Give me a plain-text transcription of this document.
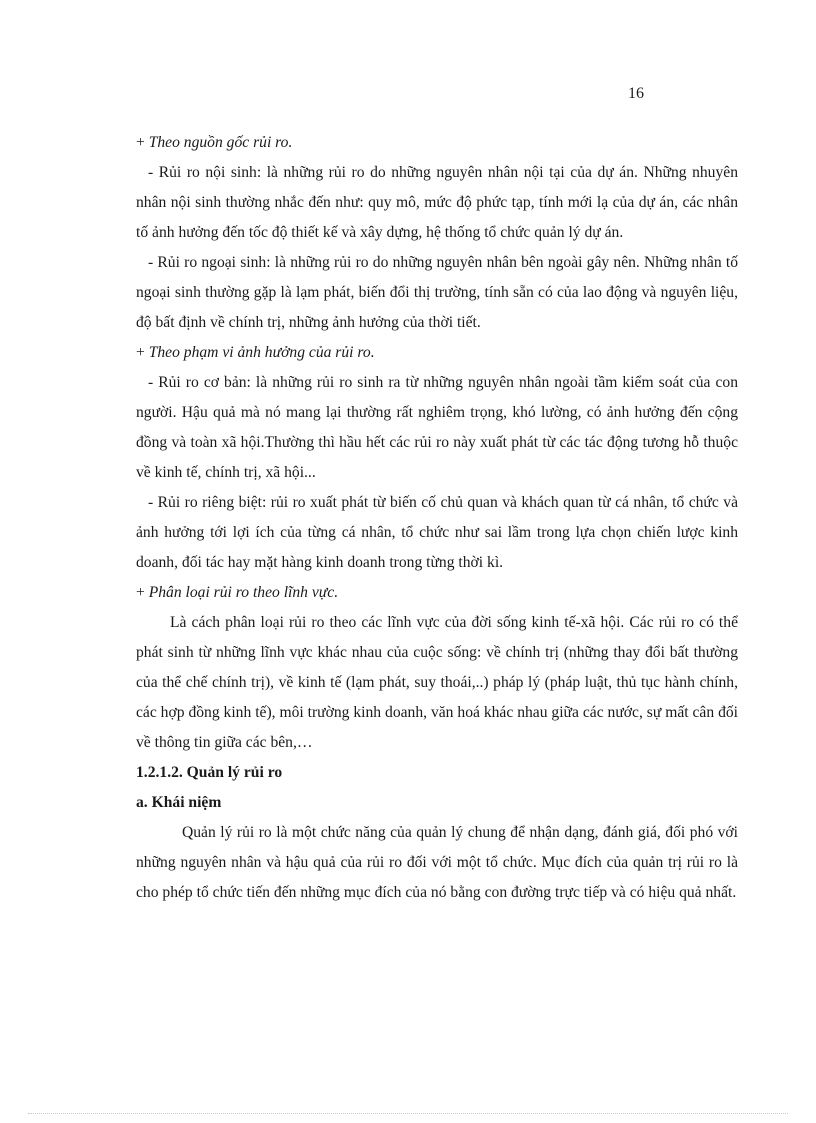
16

+ Theo nguồn gốc rủi ro.

- Rủi ro nội sinh: là những rủi ro do những nguyên nhân nội tại của dự án. Những nhuyên nhân nội sinh thường nhắc đến như: quy mô, mức độ phức tạp, tính mới lạ của dự án, các nhân tố ảnh hưởng đến tốc độ thiết kế và xây dựng, hệ thống tổ chức quản lý dự án.

- Rủi ro ngoại sinh: là những rủi ro do những nguyên nhân bên ngoài gây nên. Những nhân tố ngoại sinh thường gặp là lạm phát, biến đổi thị trường, tính sẵn có của lao động và nguyên liệu, độ bất định về chính trị, những ảnh hưởng của thời tiết.

+ Theo phạm vi ảnh hưởng của rủi ro.

- Rủi ro cơ bản: là những rủi ro sinh ra từ những nguyên nhân ngoài tầm kiểm soát của con người. Hậu quả mà nó mang lại thường rất nghiêm trọng, khó lường, có ảnh hưởng đến cộng đồng và toàn xã hội.Thường thì hầu hết các rủi ro này xuất phát từ các tác động tương hỗ thuộc về kinh tế, chính trị, xã hội...

- Rủi ro riêng biệt: rủi ro xuất phát từ biến cố chủ quan và khách quan từ cá nhân, tổ chức và ảnh hưởng tới lợi ích của từng cá nhân, tổ chức như sai lầm trong lựa chọn chiến lược kinh doanh, đối tác hay mặt hàng kinh doanh trong từng thời kì.

+ Phân loại rủi ro theo lĩnh vực.

Là cách phân loại rủi ro theo các lĩnh vực của đời sống kinh tế-xã hội. Các rủi ro có thể phát sinh từ những lĩnh vực khác nhau của cuộc sống: về chính trị (những thay đổi bất thường của thể chế chính trị), về kinh tế (lạm phát, suy thoái,..) pháp lý (pháp luật, thủ tục hành chính, các hợp đồng kinh tế), môi trường kinh doanh, văn hoá khác nhau giữa các nước, sự mất cân đối về thông tin giữa các bên,…

1.2.1.2. Quản lý rủi ro

a. Khái niệm

Quản lý rủi ro là một chức năng của quản lý chung để nhận dạng, đánh giá, đối phó với những nguyên nhân và hậu quả của rủi ro đối với một tổ chức. Mục đích của quản trị rủi ro là cho phép tổ chức tiến đến những mục đích của nó bằng con đường trực tiếp và có hiệu quả nhất.
